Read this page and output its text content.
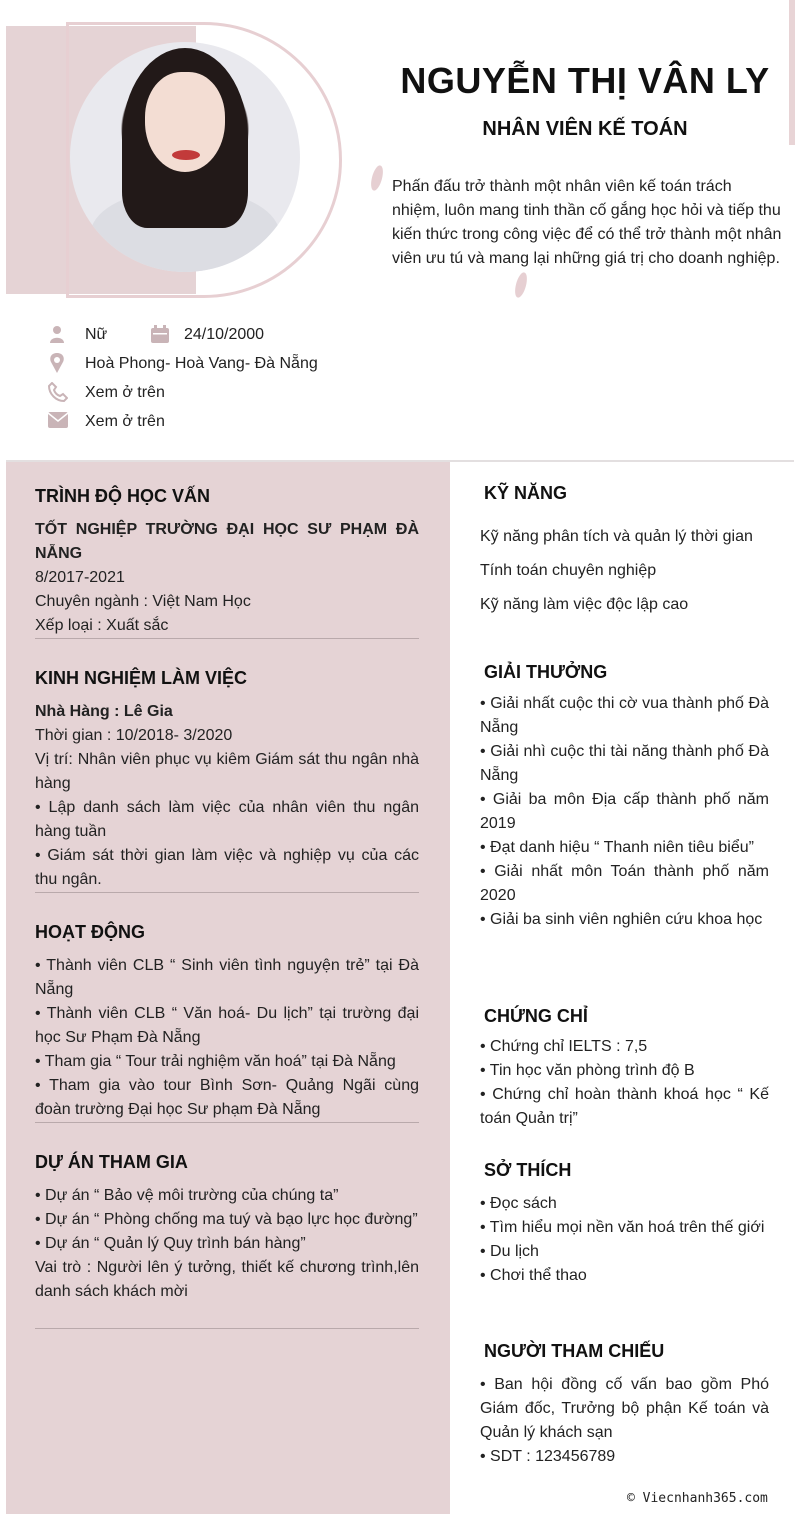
NGUYỄN THỊ VÂN LY
NHÂN VIÊN KẾ TOÁN

Phấn đấu trở thành một nhân viên kế toán trách nhiệm, luôn mang tinh thần cố gắng học hỏi và tiếp thu kiến thức trong công việc để có thể trở thành một nhân viên ưu tú và mang lại những giá trị cho doanh nghiệp.

Nữ	24/10/2000
Hoà Phong- Hoà Vang- Đà Nẵng
Xem ở trên
Xem ở trên
TRÌNH ĐỘ HỌC VẤN

TỐT NGHIỆP TRƯỜNG ĐẠI HỌC SƯ PHẠM ĐÀ NẴNG

8/2017-2021

Chuyên ngành : Việt Nam Học

Xếp loại : Xuất sắc

KINH NGHIỆM LÀM VIỆC

Nhà Hàng : Lê Gia

Thời gian : 10/2018- 3/2020

Vị trí: Nhân viên phục vụ kiêm Giám sát thu ngân nhà hàng

• Lập danh sách làm việc của nhân viên thu ngân hàng tuần

• Giám sát thời gian làm việc và nghiệp vụ của các thu ngân.

HOẠT ĐỘNG

• Thành viên CLB “ Sinh viên tình nguyện trẻ” tại Đà Nẵng

• Thành viên CLB “ Văn hoá- Du lịch” tại trường đại học Sư Phạm Đà Nẵng

• Tham gia “ Tour trải nghiệm văn hoá” tại Đà Nẵng

• Tham gia vào tour Bình Sơn- Quảng Ngãi cùng đoàn trường Đại học Sư phạm Đà Nẵng

DỰ ÁN THAM GIA

• Dự án “ Bảo vệ môi trường của chúng ta”

• Dự án “ Phòng chống ma tuý và bạo lực học đường”

• Dự án “ Quản lý Quy trình bán hàng”

Vai trò : Người lên ý tưởng, thiết kế chương trình,lên danh sách khách mời

KỸ NĂNG

Kỹ năng phân tích và quản lý thời gian

Tính toán chuyên nghiệp

Kỹ năng làm việc độc lập cao

GIẢI THƯỞNG

• Giải nhất cuộc thi cờ vua thành phố Đà Nẵng

• Giải nhì cuộc thi tài năng thành phố Đà Nẵng

• Giải ba môn Địa cấp thành phố năm 2019

• Đạt danh hiệu “ Thanh niên tiêu biểu”

• Giải nhất môn Toán thành phố năm 2020

• Giải ba sinh viên nghiên cứu khoa học

CHỨNG CHỈ

• Chứng chỉ IELTS : 7,5

• Tin học văn phòng trình độ B

• Chứng chỉ hoàn thành khoá học “ Kế toán Quản trị”

SỞ THÍCH

• Đọc sách

• Tìm hiểu mọi nền văn hoá trên thế giới

• Du lịch

• Chơi thể thao

NGƯỜI THAM CHIẾU

• Ban hội đồng cố vấn bao gồm Phó Giám đốc, Trưởng bộ phận Kế toán và Quản lý khách sạn

• SDT : 123456789

© Viecnhanh365.com
